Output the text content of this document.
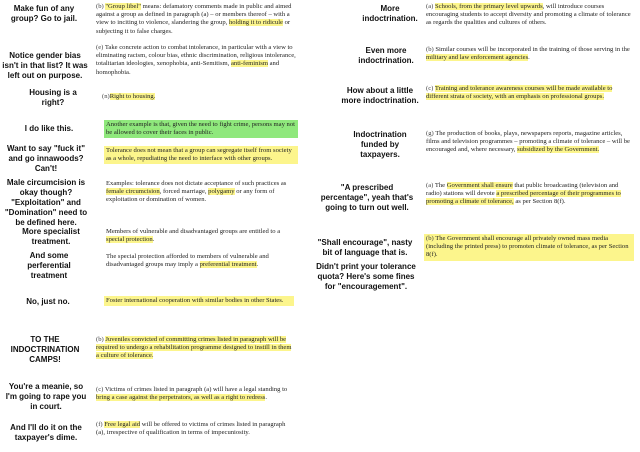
Make fun of any group? Go to jail.
Notice gender bias isn't in that list? It was left out on purpose.
Housing is a right?
I do like this.
Want to say "fuck it" and go innawoods? Can't!
Male circumcision is okay though? "Exploitation" and "Domination" need to be defined here.
More specialist treatment.
And some perferential treatment
No, just no.
TO THE INDOCTRINATION CAMPS!
You're a meanie, so I'm going to rape you in court.
And I'll do it on the taxpayer's dime.
(b) "Group libel" means: defamatory comments made in public and aimed against a group as defined in paragraph (a) – or members thereof – with a view to inciting to violence, slandering the group, holding it to ridicule or subjecting it to false charges.
(e) Take concrete action to combat intolerance, in particular with a view to eliminating racism, colour bias, ethnic discrimination, religious intolerance, totalitarian ideologies, xenophobia, anti-Semitism, anti-feminism and homophobia.
(n)Right to housing.
Another example is that, given the need to fight crime, persons may not be allowed to cover their faces in public.
Tolerance does not mean that a group can segregate itself from society as a whole, repudiating the need to interface with other groups.
Examples: tolerance does not dictate acceptance of such practices as female circumcision, forced marriage, polygamy or any form of exploitation or domination of women.
Members of vulnerable and disadvantaged groups are entitled to a special protection.
The special protection afforded to members of vulnerable and disadvantaged groups may imply a preferential treatment.
Foster international cooperation with similar bodies in other States.
(b) Juveniles convicted of committing crimes listed in paragraph will be required to undergo a rehabilitation programme designed to instill in them a culture of tolerance.
(c) Victims of crimes listed in paragraph (a) will have a legal standing to bring a case against the perpetrators, as well as a right to redress.
(f) Free legal aid will be offered to victims of crimes listed in paragraph (a), irrespective of qualification in terms of impecuniosity.
More indoctrination.
Even more indoctrination.
How about a little more indoctrination.
Indoctrination funded by taxpayers.
"A prescribed percentage", yeah that's going to turn out well.
"Shall encourage", nasty bit of language that is.
Didn't print your tolerance quota? Here's some fines for "encouragement".
(a) Schools, from the primary level upwards, will introduce courses encouraging students to accept diversity and promoting a climate of tolerance as regards the qualities and cultures of others.
(b) Similar courses will be incorporated in the training of those serving in the military and law enforcement agencies.
(c) Training and tolerance awareness courses will be made available to different strata of society, with an emphasis on professional groups.
(g) The production of books, plays, newspapers reports, magazine articles, films and television programmes – promoting a climate of tolerance – will be encouraged and, where necessary, subsidized by the Government.
(a) The Government shall ensure that public broadcasting (television and radio) stations will devote a prescribed percentage of their programmes to promoting a climate of tolerance, as per Section 8(f).
(b) The Government shall encourage all privately owned mass media (including the printed press) to promoten climate of tolerance, as per Section 8(f).
